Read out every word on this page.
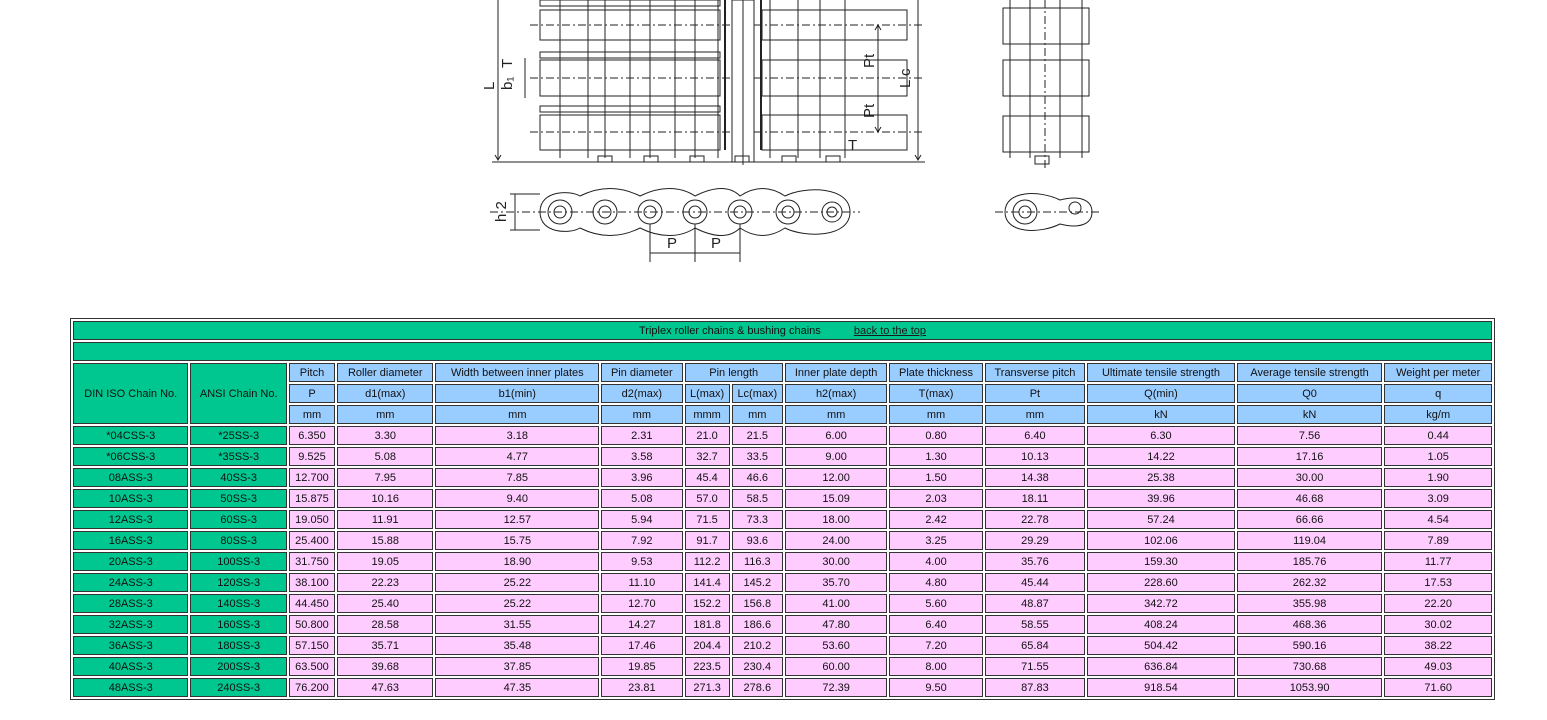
b₁
T
L
Pt
Pt
L c
T
h 2
P P
Triplex roller chains & bushing chains back to the top													

DIN ISO Chain No.	ANSI Chain No.	Pitch	Roller diameter	Width between inner plates	Pin diameter	Pin length		Inner plate depth	Plate thickness	Transverse pitch	Ultimate tensile strength	Average tensile strength	Weight per meter
		P	d1(max)	b1(min)	d2(max)	L(max)	Lc(max)	h2(max)	T(max)	Pt	Q(min)	Q0	q
		mm	mm	mm	mm	mmm	mm	mm	mm	mm	kN	kN	kg/m
*04CSS-3	*25SS-3	6.350	3.30	3.18	2.31	21.0	21.5	6.00	0.80	6.40	6.30	7.56	0.44
*06CSS-3	*35SS-3	9.525	5.08	4.77	3.58	32.7	33.5	9.00	1.30	10.13	14.22	17.16	1.05
08ASS-3	40SS-3	12.700	7.95	7.85	3.96	45.4	46.6	12.00	1.50	14.38	25.38	30.00	1.90
10ASS-3	50SS-3	15.875	10.16	9.40	5.08	57.0	58.5	15.09	2.03	18.11	39.96	46.68	3.09
12ASS-3	60SS-3	19.050	11.91	12.57	5.94	71.5	73.3	18.00	2.42	22.78	57.24	66.66	4.54
16ASS-3	80SS-3	25.400	15.88	15.75	7.92	91.7	93.6	24.00	3.25	29.29	102.06	119.04	7.89
20ASS-3	100SS-3	31.750	19.05	18.90	9.53	112.2	116.3	30.00	4.00	35.76	159.30	185.76	11.77
24ASS-3	120SS-3	38.100	22.23	25.22	11.10	141.4	145.2	35.70	4.80	45.44	228.60	262.32	17.53
28ASS-3	140SS-3	44.450	25.40	25.22	12.70	152.2	156.8	41.00	5.60	48.87	342.72	355.98	22.20
32ASS-3	160SS-3	50.800	28.58	31.55	14.27	181.8	186.6	47.80	6.40	58.55	408.24	468.36	30.02
36ASS-3	180SS-3	57.150	35.71	35.48	17.46	204.4	210.2	53.60	7.20	65.84	504.42	590.16	38.22
40ASS-3	200SS-3	63.500	39.68	37.85	19.85	223.5	230.4	60.00	8.00	71.55	636.84	730.68	49.03
48ASS-3	240SS-3	76.200	47.63	47.35	23.81	271.3	278.6	72.39	9.50	87.83	918.54	1053.90	71.60
